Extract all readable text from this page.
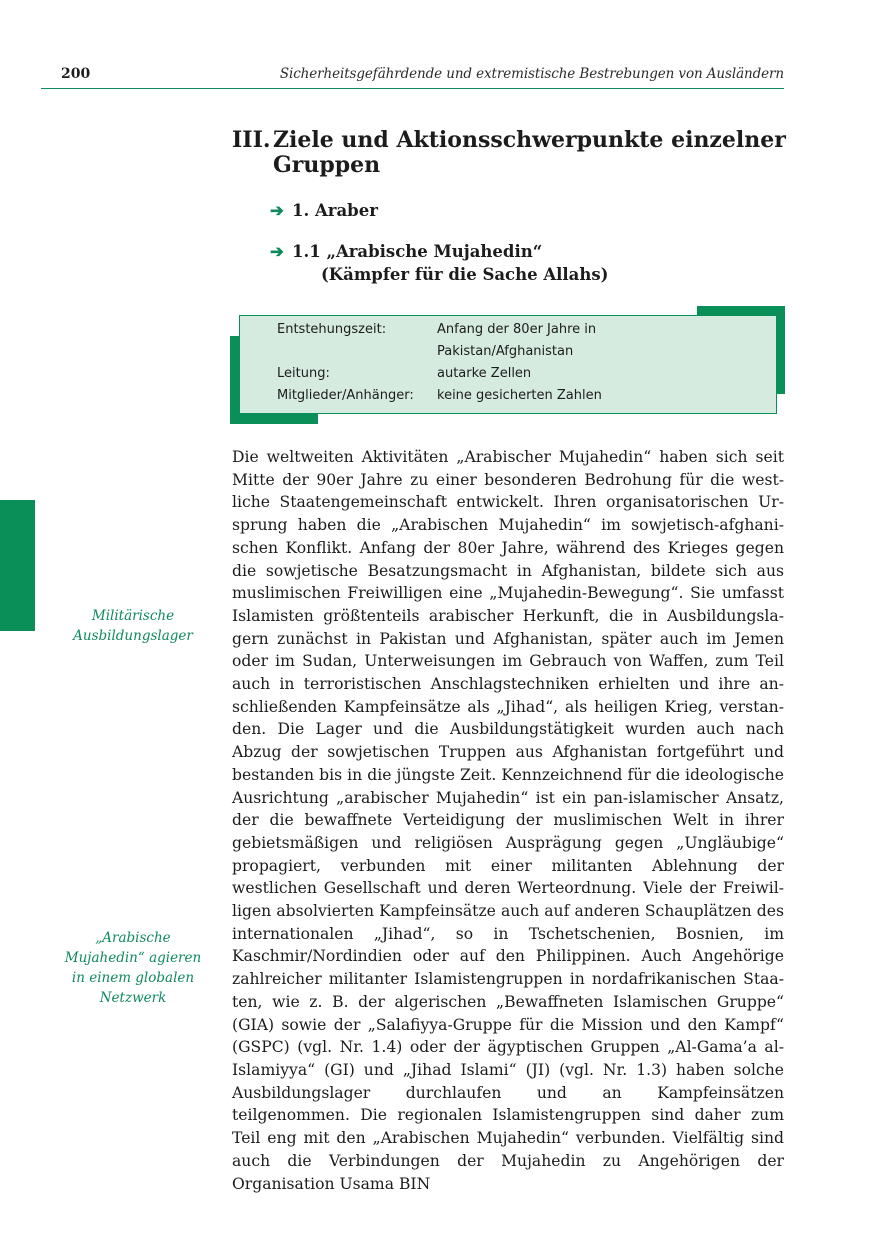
200	Sicherheitsgefährdende und extremistische Bestrebungen von Ausländern
III. Ziele und Aktionsschwerpunkte einzelner
Gruppen
➔ 1. Araber
➔ 1.1 „Arabische Mujahedin“
(Kämpfer für die Sache Allahs)
Entstehungszeit:	Anfang der 80er Jahre in
Pakistan/Afghanistan
Leitung:	autarke Zellen
Mitglieder/Anhänger: keine gesicherten Zahlen
Militärische
Ausbildungslager
„Arabische
Mujahedin“ agieren
in einem globalen
Netzwerk
Die weltweiten Aktivitäten „Arabischer Mujahedin“ haben sich seit Mitte der 90er Jahre zu einer besonderen Bedrohung für die westliche Staatengemeinschaft entwickelt. Ihren organisatorischen Ursprung haben die „Arabischen Mujahedin“ im sowjetisch-afghanischen Konflikt. Anfang der 80er Jahre, während des Krieges gegen die sowjetische Besatzungsmacht in Afghanistan, bildete sich aus muslimischen Freiwilligen eine „Mujahedin-Bewegung“. Sie umfasst Islamisten größtenteils arabischer Herkunft, die in Ausbildungslagern zunächst in Pakistan und Afghanistan, später auch im Jemen oder im Sudan, Unterweisungen im Gebrauch von Waffen, zum Teil auch in terroristischen Anschlagstechniken erhielten und ihre anschließenden Kampfeinsätze als „Jihad“, als heiligen Krieg, verstanden. Die Lager und die Ausbildungstätigkeit wurden auch nach Abzug der sowjetischen Truppen aus Afghanistan fortgeführt und bestanden bis in die jüngste Zeit. Kennzeichnend für die ideologische Ausrichtung „arabischer Mujahedin“ ist ein pan-islamischer Ansatz, der die bewaffnete Verteidigung der muslimischen Welt in ihrer gebietsmäßigen und religiösen Ausprägung gegen „Ungläubige“ propagiert, verbunden mit einer militanten Ablehnung der westlichen Gesellschaft und deren Werteordnung. Viele der Freiwilligen absolvierten Kampfeinsätze auch auf anderen Schauplätzen des internationalen „Jihad“, so in Tschetschenien, Bosnien, im Kaschmir/Nordindien oder auf den Philippinen. Auch Angehörige zahlreicher militanter Islamistengruppen in nordafrikanischen Staaten, wie z. B. der algerischen „Bewaffneten Islamischen Gruppe“ (GIA) sowie der „Salafiyya-Gruppe für die Mission und den Kampf“ (GSPC) (vgl. Nr. 1.4) oder der ägyptischen Gruppen „Al-Gama’a al-Islamiyya“ (GI) und „Jihad Islami“ (JI) (vgl. Nr. 1.3) haben solche Ausbildungslager durchlaufen und an Kampfeinsätzen teilgenommen. Die regionalen Islamistengruppen sind daher zum Teil eng mit den „Arabischen Mujahedin“ verbunden. Vielfältig sind auch die Verbindungen der Mujahedin zu Angehörigen der Organisation Usama BIN
